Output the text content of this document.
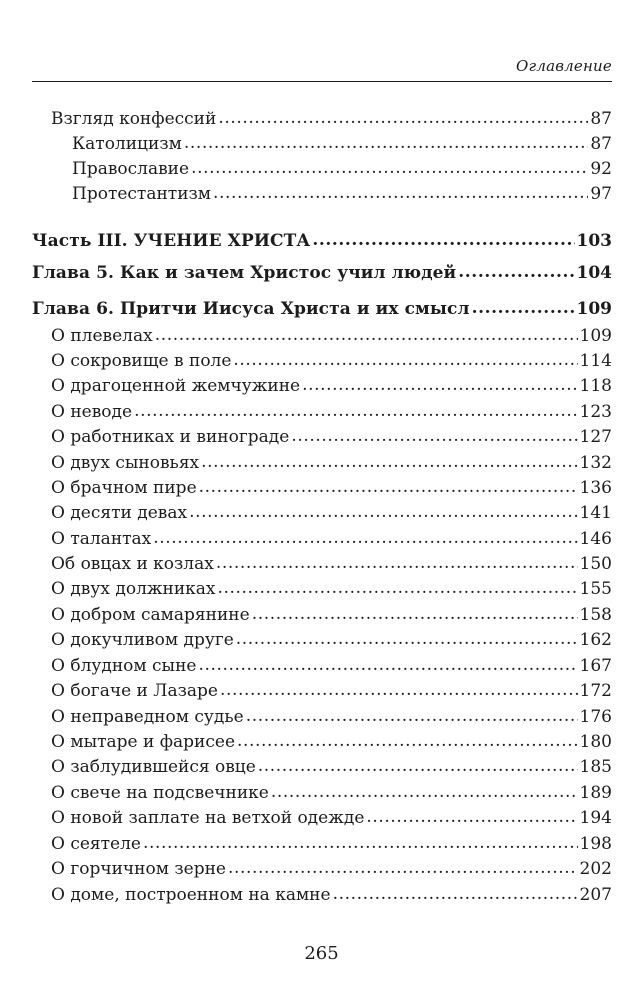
Оглавление
Взгляд конфессий .....	87
Католицизм .....	87
Православие .....	92
Протестантизм .....	97
Часть III. УЧЕНИЕ ХРИСТА .....	103
Глава 5. Как и зачем Христос учил людей .....	104
Глава 6. Притчи Иисуса Христа и их смысл .....	109
О плевелах .....	109
О сокровище в поле .....	114
О драгоценной жемчужине .....	118
О неводе .....	123
О работниках и винограде .....	127
О двух сыновьях .....	132
О брачном пире .....	136
О десяти девах .....	141
О талантах .....	146
Об овцах и козлах .....	150
О двух должниках .....	155
О добром самарянине .....	158
О докучливом друге .....	162
О блудном сыне .....	167
О богаче и Лазаре .....	172
О неправедном судье .....	176
О мытаре и фарисее .....	180
О заблудившейся овце .....	185
О свече на подсвечнике .....	189
О новой заплате на ветхой одежде .....	194
О сеятеле .....	198
О горчичном зерне .....	202
О доме, построенном на камне .....	207
265
